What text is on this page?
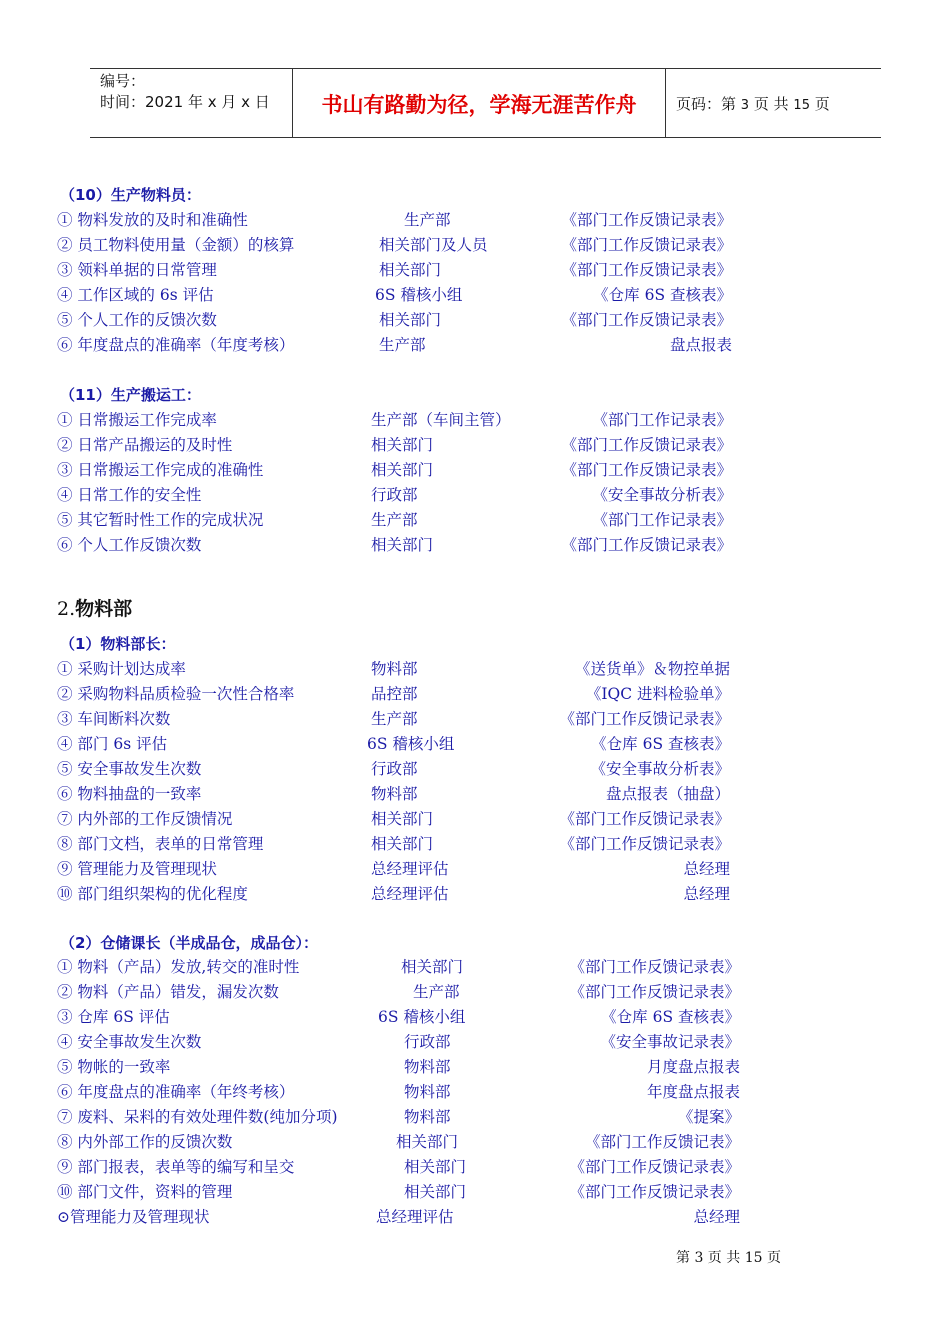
编号：
时间：2021 年 x 月 x 日	书山有路勤为径，学海无涯苦作舟	页码：第 3 页 共 15 页
（10）生产物料员：
① 物料发放的及时和准确性	生产部	《部门工作反馈记录表》
② 员工物料使用量（金额）的核算	相关部门及人员	《部门工作反馈记录表》
③ 领料单据的日常管理	相关部门	《部门工作反馈记录表》
④ 工作区域的 6s 评估	6S 稽核小组	《仓库 6S 查核表》
⑤ 个人工作的反馈次数	相关部门	《部门工作反馈记录表》
⑥ 年度盘点的准确率（年度考核）	生产部	盘点报表
（11）生产搬运工：
① 日常搬运工作完成率	生产部（车间主管）	《部门工作记录表》
② 日常产品搬运的及时性	相关部门	《部门工作反馈记录表》
③ 日常搬运工作完成的准确性	相关部门	《部门工作反馈记录表》
④ 日常工作的安全性	行政部	《安全事故分析表》
⑤ 其它暂时性工作的完成状况	生产部	《部门工作记录表》
⑥ 个人工作反馈次数	相关部门	《部门工作反馈记录表》
2.物料部
（1）物料部长：
① 采购计划达成率	物料部	《送货单》＆物控单据
② 采购物料品质检验一次性合格率	品控部	《IQC 进料检验单》
③ 车间断料次数	生产部	《部门工作反馈记录表》
④ 部门 6s 评估	6S 稽核小组	《仓库 6S 查核表》
⑤ 安全事故发生次数	行政部	《安全事故分析表》
⑥ 物料抽盘的一致率	物料部	盘点报表（抽盘）
⑦ 内外部的工作反馈情况	相关部门	《部门工作反馈记录表》
⑧ 部门文档，表单的日常管理	相关部门	《部门工作反馈记录表》
⑨ 管理能力及管理现状	总经理评估	总经理
⑩ 部门组织架构的优化程度	总经理评估	总经理
（2）仓储课长（半成品仓，成品仓）：
① 物料（产品）发放,转交的准时性	相关部门	《部门工作反馈记录表》
② 物料（产品）错发，漏发次数	生产部	《部门工作反馈记录表》
③ 仓库 6S 评估	6S 稽核小组	《仓库 6S 查核表》
④ 安全事故发生次数	行政部	《安全事故记录表》
⑤ 物帐的一致率	物料部	月度盘点报表
⑥ 年度盘点的准确率（年终考核）	物料部	年度盘点报表
⑦ 废料、呆料的有效处理件数(纯加分项)	物料部	《提案》
⑧ 内外部工作的反馈次数	相关部门	《部门工作反馈记表》
⑨ 部门报表，表单等的编写和呈交	相关部门	《部门工作反馈记录表》
⑩ 部门文件，资料的管理	相关部门	《部门工作反馈记录表》
⊙管理能力及管理现状	总经理评估	总经理
第 3 页 共 15 页
